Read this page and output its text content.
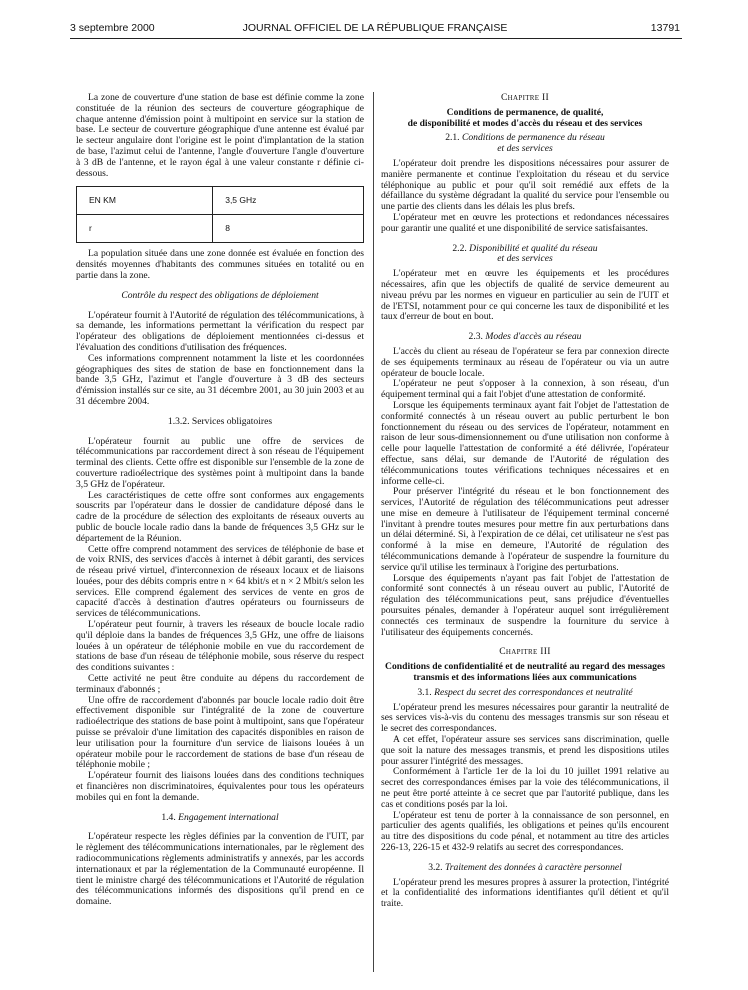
3 septembre 2000	JOURNAL OFFICIEL DE LA RÉPUBLIQUE FRANÇAISE	13791

La zone de couverture d'une station de base est définie comme la zone constituée de la réunion des secteurs de couverture géographique de chaque antenne d'émission point à multipoint en service sur la station de base. Le secteur de couverture géographique d'une antenne est évalué par le secteur angulaire dont l'origine est le point d'implantation de la station de base, l'azimut celui de l'antenne, l'angle d'ouverture l'angle d'ouverture à 3 dB de l'antenne, et le rayon égal à une valeur constante r définie ci-dessous.

EN KM	3,5 GHz
r	8

La population située dans une zone donnée est évaluée en fonction des densités moyennes d'habitants des communes situées en totalité ou en partie dans la zone.

Contrôle du respect des obligations de déploiement

L'opérateur fournit à l'Autorité de régulation des télécommunications, à sa demande, les informations permettant la vérification du respect par l'opérateur des obligations de déploiement mentionnées ci-dessus et l'évaluation des conditions d'utilisation des fréquences.

Ces informations comprennent notamment la liste et les coordonnées géographiques des sites de station de base en fonctionnement dans la bande 3,5 GHz, l'azimut et l'angle d'ouverture à 3 dB des secteurs d'émission installés sur ce site, au 31 décembre 2001, au 30 juin 2003 et au 31 décembre 2004.

1.3.2. Services obligatoires

L'opérateur fournit au public une offre de services de télécommunications par raccordement direct à son réseau de l'équipement terminal des clients. Cette offre est disponible sur l'ensemble de la zone de couverture radioélectrique des systèmes point à multipoint dans la bande 3,5 GHz de l'opérateur.

Les caractéristiques de cette offre sont conformes aux engagements souscrits par l'opérateur dans le dossier de candidature déposé dans le cadre de la procédure de sélection des exploitants de réseaux ouverts au public de boucle locale radio dans la bande de fréquences 3,5 GHz sur le département de la Réunion.

Cette offre comprend notamment des services de téléphonie de base et de voix RNIS, des services d'accès à internet à débit garanti, des services de réseau privé virtuel, d'interconnexion de réseaux locaux et de liaisons louées, pour des débits compris entre n × 64 kbit/s et n × 2 Mbit/s selon les services. Elle comprend également des services de vente en gros de capacité d'accès à destination d'autres opérateurs ou fournisseurs de services de télécommunications.

L'opérateur peut fournir, à travers les réseaux de boucle locale radio qu'il déploie dans la bandes de fréquences 3,5 GHz, une offre de liaisons louées à un opérateur de téléphonie mobile en vue du raccordement de stations de base d'un réseau de téléphonie mobile, sous réserve du respect des conditions suivantes :

Cette activité ne peut être conduite au dépens du raccordement de terminaux d'abonnés ;

Une offre de raccordement d'abonnés par boucle locale radio doit être effectivement disponible sur l'intégralité de la zone de couverture radioélectrique des stations de base point à multipoint, sans que l'opérateur puisse se prévaloir d'une limitation des capacités disponibles en raison de leur utilisation pour la fourniture d'un service de liaisons louées à un opérateur mobile pour le raccordement de stations de base d'un réseau de téléphonie mobile ;

L'opérateur fournit des liaisons louées dans des conditions techniques et financières non discriminatoires, équivalentes pour tous les opérateurs mobiles qui en font la demande.

1.4. Engagement international

L'opérateur respecte les règles définies par la convention de l'UIT, par le règlement des télécommunications internationales, par le règlement des radiocommunications règlements administratifs y annexés, par les accords internationaux et par la réglementation de la Communauté européenne. Il tient le ministre chargé des télécommunications et l'Autorité de régulation des télécommunications informés des dispositions qu'il prend en ce domaine.

Chapitre II
Conditions de permanence, de qualité,
de disponibilité et modes d'accès du réseau et des services
2.1. Conditions de permanence du réseau
et des services

L'opérateur doit prendre les dispositions nécessaires pour assurer de manière permanente et continue l'exploitation du réseau et du service téléphonique au public et pour qu'il soit remédié aux effets de la défaillance du système dégradant la qualité du service pour l'ensemble ou une partie des clients dans les délais les plus brefs.

L'opérateur met en œuvre les protections et redondances nécessaires pour garantir une qualité et une disponibilité de service satisfaisantes.

2.2. Disponibilité et qualité du réseau
et des services

L'opérateur met en œuvre les équipements et les procédures nécessaires, afin que les objectifs de qualité de service demeurent au niveau prévu par les normes en vigueur en particulier au sein de l'UIT et de l'ETSI, notamment pour ce qui concerne les taux de disponibilité et les taux d'erreur de bout en bout.

2.3. Modes d'accès au réseau

L'accès du client au réseau de l'opérateur se fera par connexion directe de ses équipements terminaux au réseau de l'opérateur ou via un autre opérateur de boucle locale.

L'opérateur ne peut s'opposer à la connexion, à son réseau, d'un équipement terminal qui a fait l'objet d'une attestation de conformité.

Lorsque les équipements terminaux ayant fait l'objet de l'attestation de conformité connectés à un réseau ouvert au public perturbent le bon fonctionnement du réseau ou des services de l'opérateur, notamment en raison de leur sous-dimensionnement ou d'une utilisation non conforme à celle pour laquelle l'attestation de conformité a été délivrée, l'opérateur effectue, sans délai, sur demande de l'Autorité de régulation des télécommunications toutes vérifications techniques nécessaires et en informe celle-ci.

Pour préserver l'intégrité du réseau et le bon fonctionnement des services, l'Autorité de régulation des télécommunications peut adresser une mise en demeure à l'utilisateur de l'équipement terminal concerné l'invitant à prendre toutes mesures pour mettre fin aux perturbations dans un délai déterminé. Si, à l'expiration de ce délai, cet utilisateur ne s'est pas conformé à la mise en demeure, l'Autorité de régulation des télécommunications demande à l'opérateur de suspendre la fourniture du service qu'il utilise les terminaux à l'origine des perturbations.

Lorsque des équipements n'ayant pas fait l'objet de l'attestation de conformité sont connectés à un réseau ouvert au public, l'Autorité de régulation des télécommunications peut, sans préjudice d'éventuelles poursuites pénales, demander à l'opérateur auquel sont irrégulièrement connectés ces terminaux de suspendre la fourniture du service à l'utilisateur des équipements concernés.

Chapitre III
Conditions de confidentialité et de neutralité au regard des messages transmis et des informations liées aux communications
3.1. Respect du secret des correspondances et neutralité

L'opérateur prend les mesures nécessaires pour garantir la neutralité de ses services vis-à-vis du contenu des messages transmis sur son réseau et le secret des correspondances.

A cet effet, l'opérateur assure ses services sans discrimination, quelle que soit la nature des messages transmis, et prend les dispositions utiles pour assurer l'intégrité des messages.

Conformément à l'article 1er de la loi du 10 juillet 1991 relative au secret des correspondances émises par la voie des télécommunications, il ne peut être porté atteinte à ce secret que par l'autorité publique, dans les cas et conditions posés par la loi.

L'opérateur est tenu de porter à la connaissance de son personnel, en particulier des agents qualifiés, les obligations et peines qu'ils encourent au titre des dispositions du code pénal, et notamment au titre des articles 226-13, 226-15 et 432-9 relatifs au secret des correspondances.

3.2. Traitement des données à caractère personnel

L'opérateur prend les mesures propres à assurer la protection, l'intégrité et la confidentialité des informations identifiantes qu'il détient et qu'il traite.
